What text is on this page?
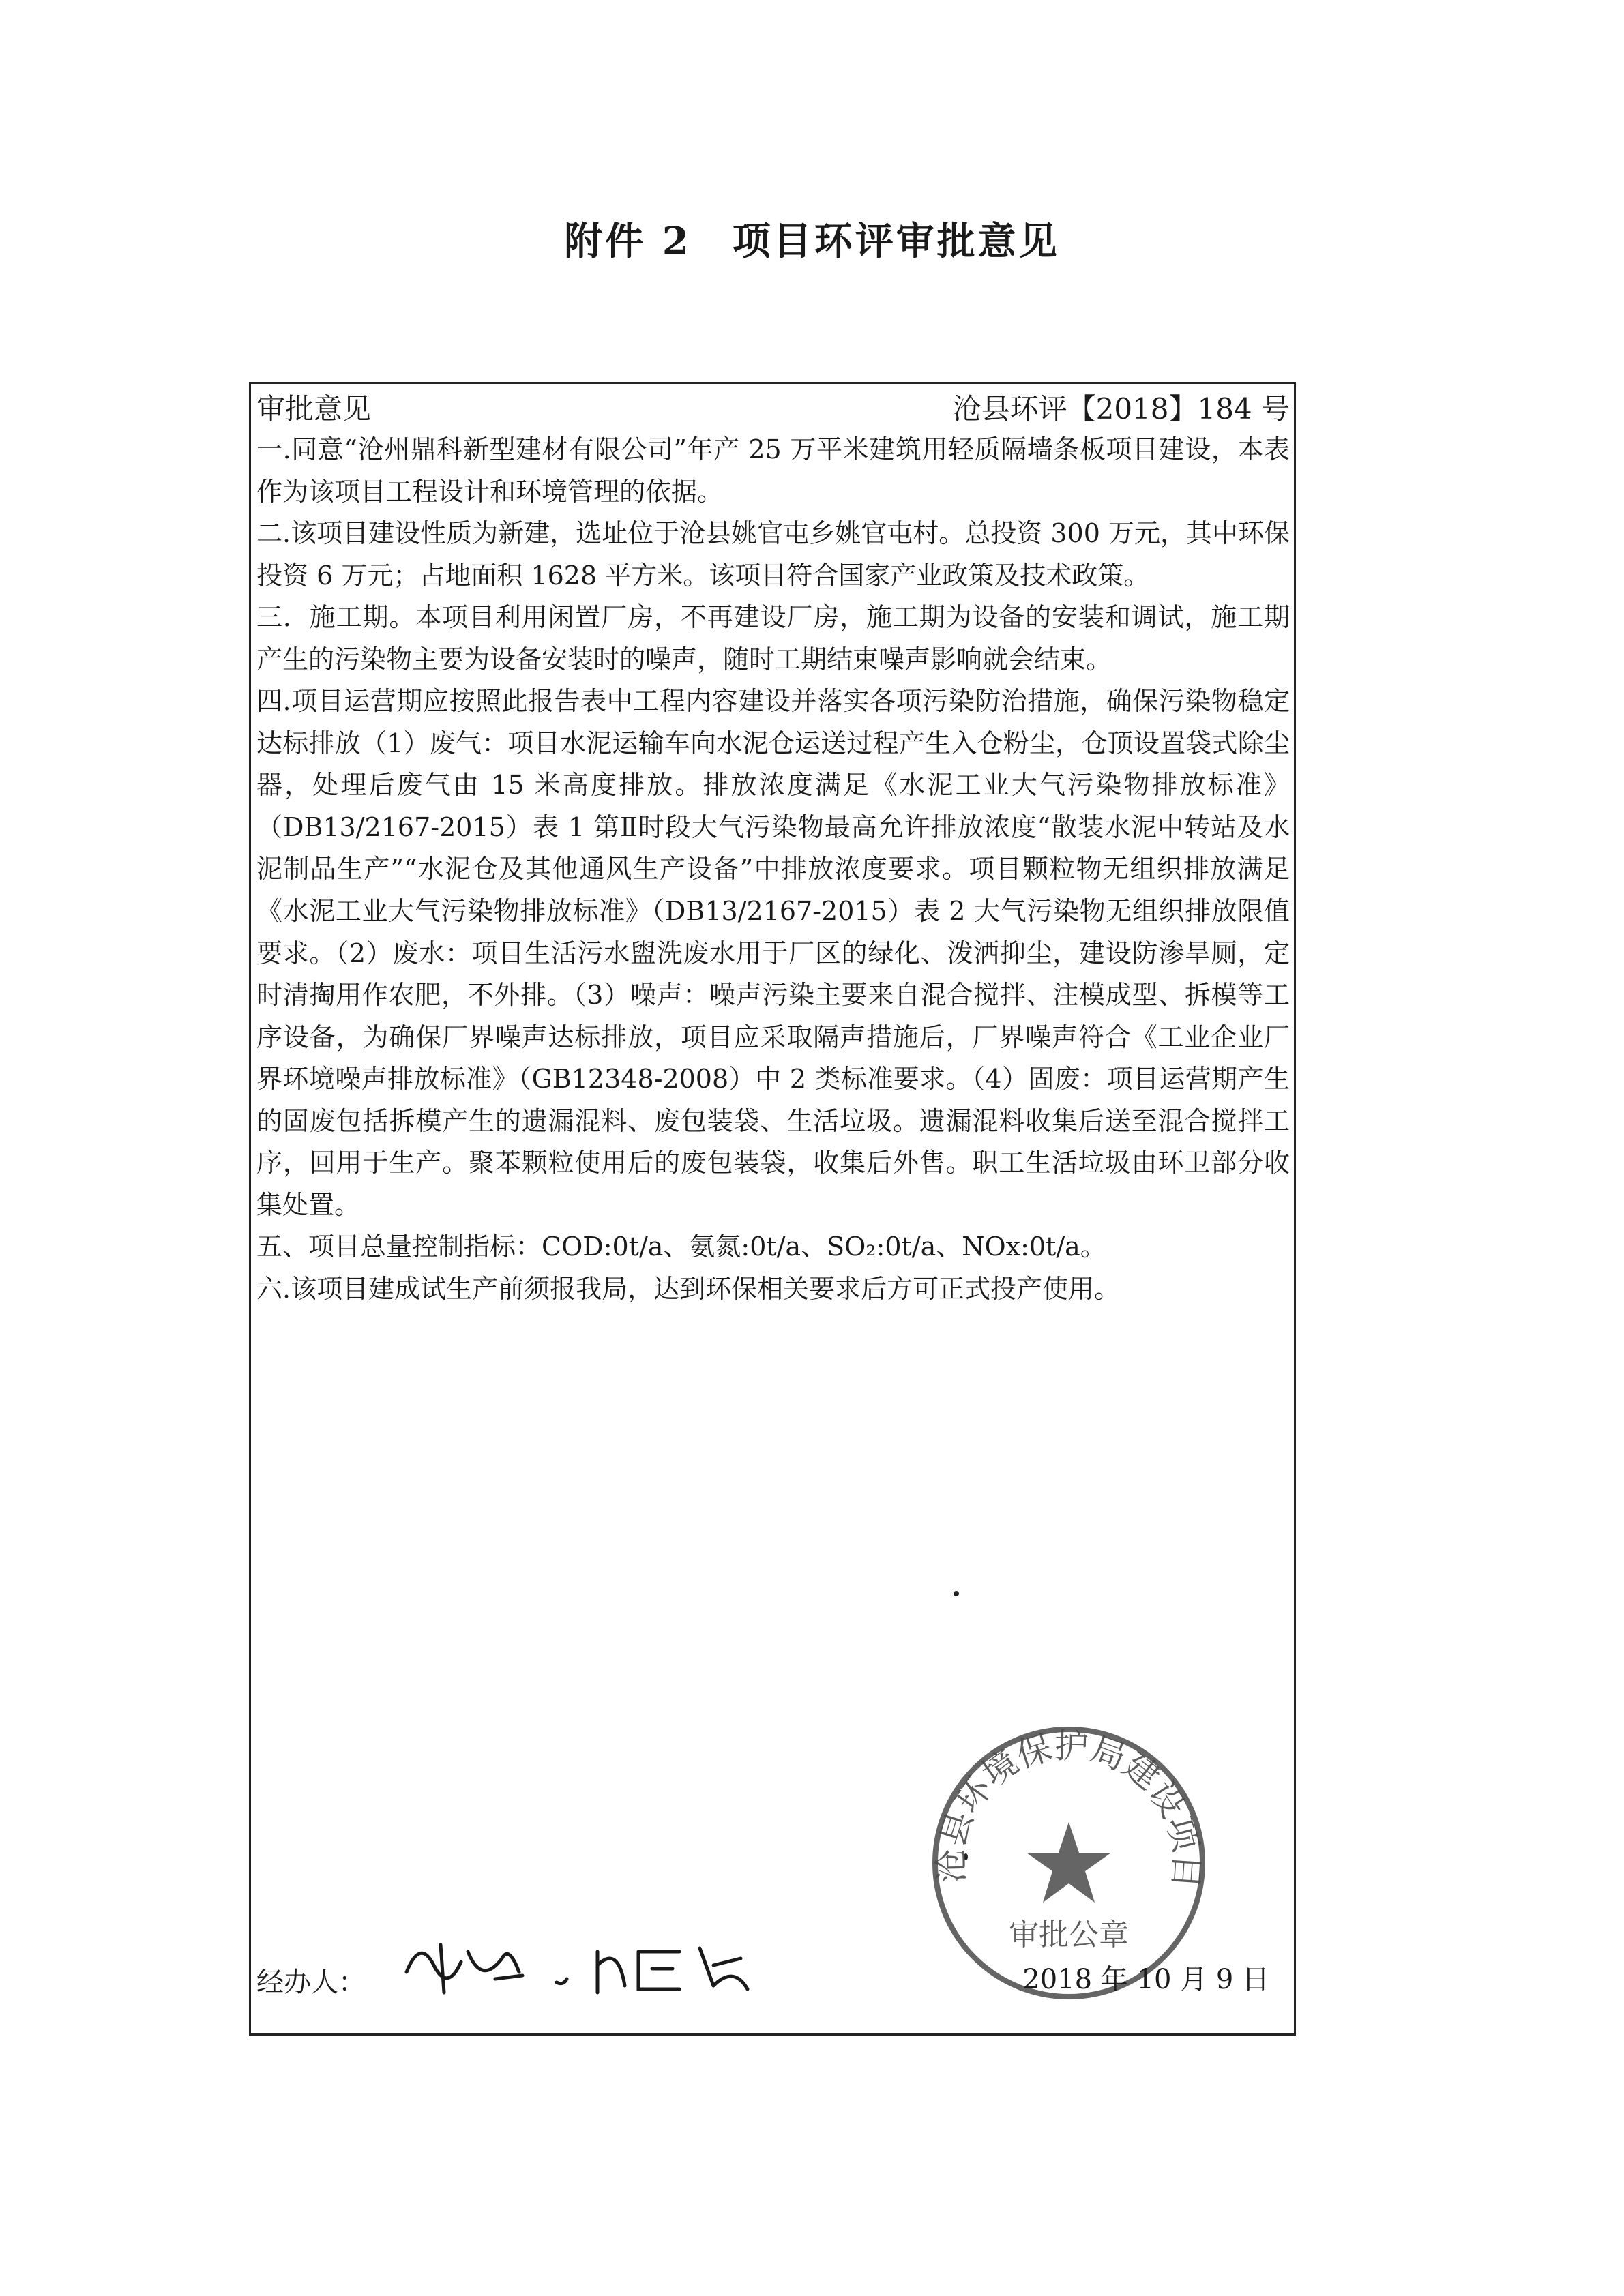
附件 2　项目环评审批意见
审批意见	沧县环评【2018】184 号

一.同意“沧州鼎科新型建材有限公司”年产 25 万平米建筑用轻质隔墙条板项目建设，本表作为该项目工程设计和环境管理的依据。

二.该项目建设性质为新建，选址位于沧县姚官屯乡姚官屯村。总投资 300 万元，其中环保投资 6 万元；占地面积 1628 平方米。该项目符合国家产业政策及技术政策。

三．施工期。本项目利用闲置厂房，不再建设厂房，施工期为设备的安装和调试，施工期产生的污染物主要为设备安装时的噪声，随时工期结束噪声影响就会结束。

四.项目运营期应按照此报告表中工程内容建设并落实各项污染防治措施，确保污染物稳定达标排放（1）废气：项目水泥运输车向水泥仓运送过程产生入仓粉尘，仓顶设置袋式除尘器，处理后废气由 15 米高度排放。排放浓度满足《水泥工业大气污染物排放标准》（DB13/2167-2015）表 1 第Ⅱ时段大气污染物最高允许排放浓度“散装水泥中转站及水泥制品生产”“水泥仓及其他通风生产设备”中排放浓度要求。项目颗粒物无组织排放满足《水泥工业大气污染物排放标准》（DB13/2167-2015）表 2 大气污染物无组织排放限值要求。（2）废水：项目生活污水盥洗废水用于厂区的绿化、泼洒抑尘，建设防渗旱厕，定时清掏用作农肥，不外排。（3）噪声：噪声污染主要来自混合搅拌、注模成型、拆模等工序设备，为确保厂界噪声达标排放，项目应采取隔声措施后，厂界噪声符合《工业企业厂界环境噪声排放标准》（GB12348-2008）中 2 类标准要求。（4）固废：项目运营期产生的固废包括拆模产生的遗漏混料、废包装袋、生活垃圾。遗漏混料收集后送至混合搅拌工序，回用于生产。聚苯颗粒使用后的废包装袋，收集后外售。职工生活垃圾由环卫部分收集处置。

五、项目总量控制指标：COD:0t/a、氨氮:0t/a、SO₂:0t/a、NOx:0t/a。

六.该项目建成试生产前须报我局，达到环保相关要求后方可正式投产使用。

沧县环境保护局建设项目
审批公章
经办人：	2018 年 10 月 9 日
